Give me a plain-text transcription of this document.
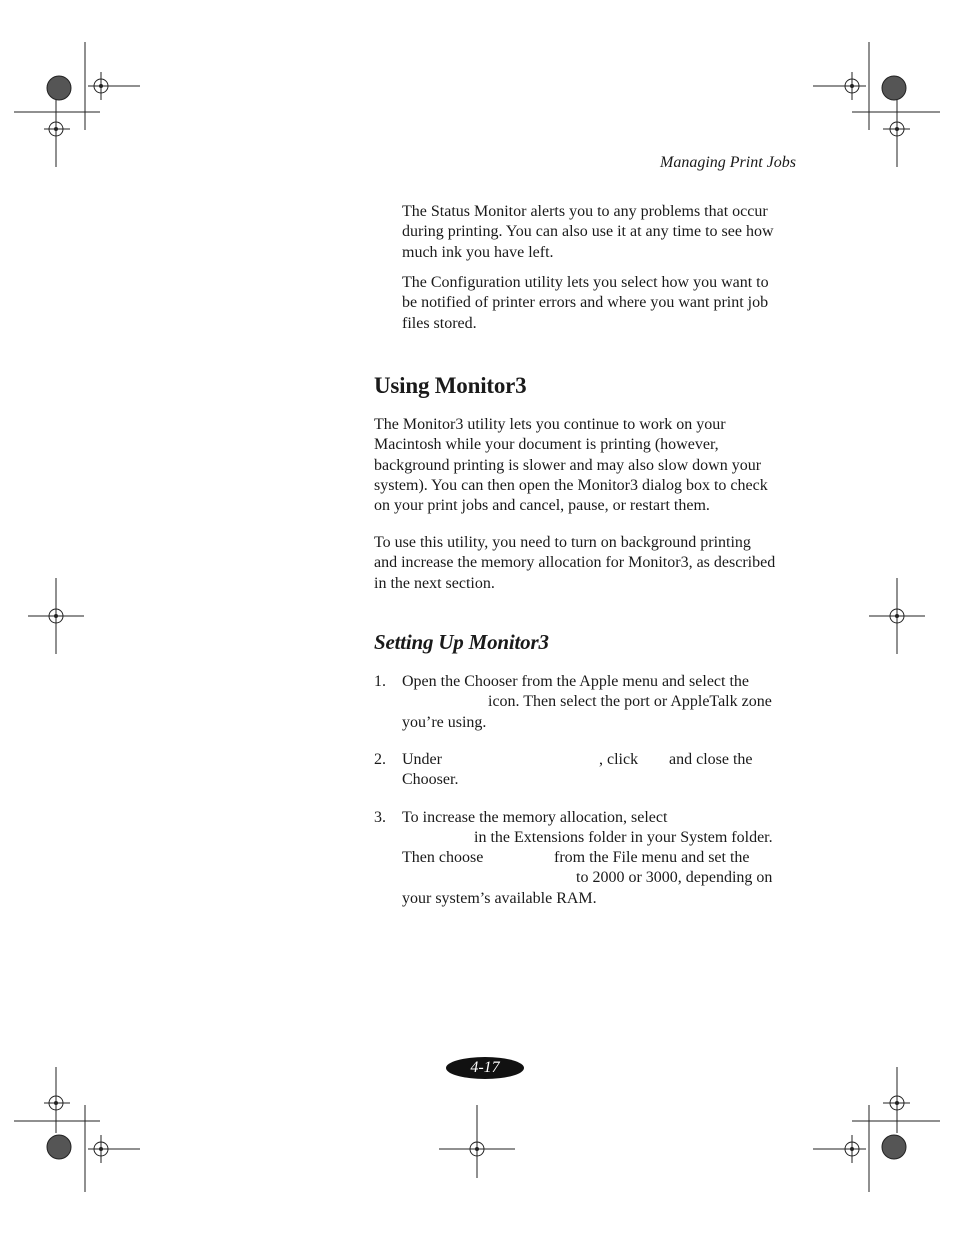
Managing Print Jobs

The Status Monitor alerts you to any problems that occur
during printing. You can also use it at any time to see how
much ink you have left.

The Configuration utility lets you select how you want to
be notified of printer errors and where you want print job
files stored.

Using Monitor3

The Monitor3 utility lets you continue to work on your
Macintosh while your document is printing (however,
background printing is slower and may also slow down your
system). You can then open the Monitor3 dialog box to check
on your print jobs and cancel, pause, or restart them.

To use this utility, you need to turn on background printing
and increase the memory allocation for Monitor3, as described
in the next section.

Setting Up Monitor3
1. Open the Chooser from the Apple menu and select the
icon. Then select the port or AppleTalk zone
you’re using.
2. Under	, click and close the
Chooser.
3. To increase the memory allocation, select
in the Extensions folder in your System folder.
Then choose	from the File menu and set the
to 2000 or 3000, depending on
your system’s available RAM.
4-17
